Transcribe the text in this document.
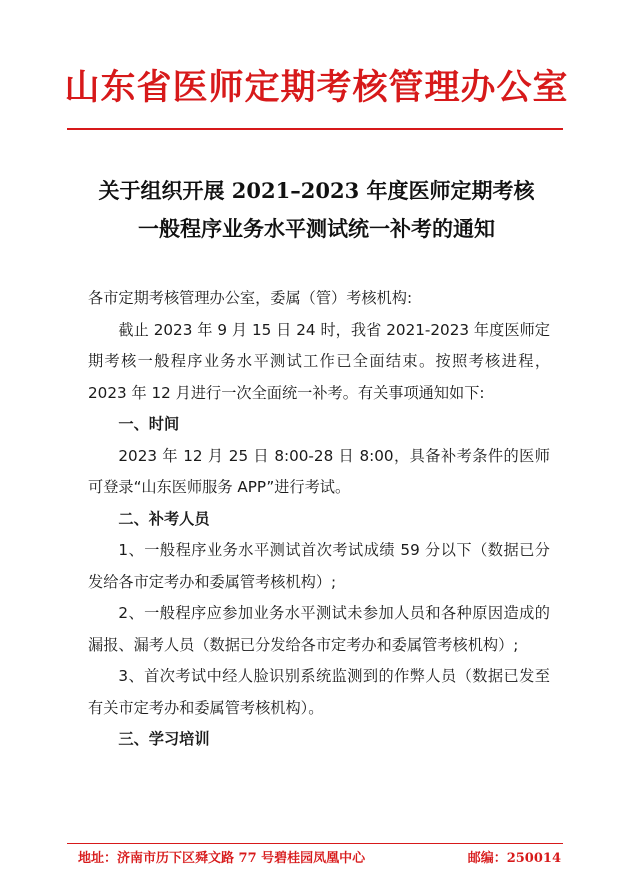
山东省医师定期考核管理办公室
关于组织开展 2021–2023 年度医师定期考核
一般程序业务水平测试统一补考的通知

各市定期考核管理办公室，委属（管）考核机构:

截止 2023 年 9 月 15 日 24 时，我省 2021-2023 年度医师定期考核一般程序业务水平测试工作已全面结束。按照考核进程，2023 年 12 月进行一次全面统一补考。有关事项通知如下:

一、时间

2023 年 12 月 25 日 8:00-28 日 8:00，具备补考条件的医师可登录“山东医师服务 APP”进行考试。

二、补考人员

1、一般程序业务水平测试首次考试成绩 59 分以下（数据已分发给各市定考办和委属管考核机构）;

2、一般程序应参加业务水平测试未参加人员和各种原因造成的漏报、漏考人员（数据已分发给各市定考办和委属管考核机构）;

3、首次考试中经人脸识别系统监测到的作弊人员（数据已发至有关市定考办和委属管考核机构）。

三、学习培训

地址：济南市历下区舜文路 77 号碧桂园凤凰中心	邮编：250014
